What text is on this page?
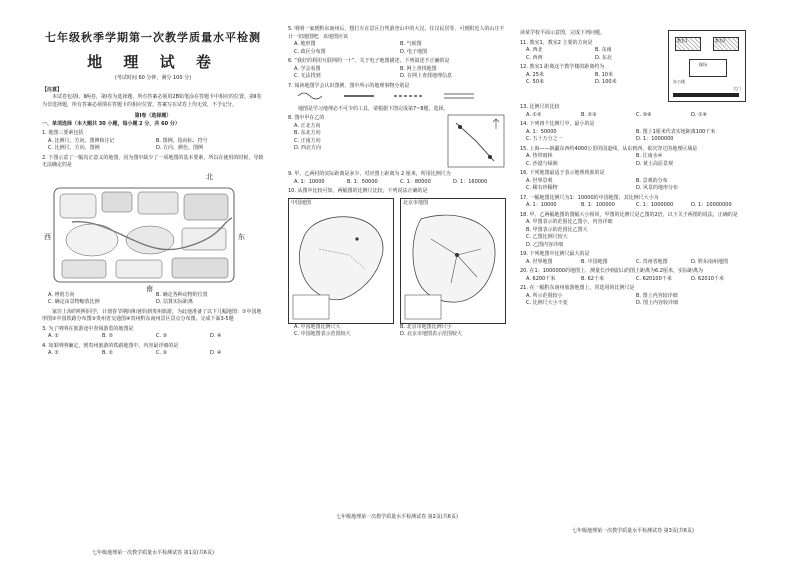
七年级秋季学期第一次教学质量水平检测
地 理 试 卷
(考试时间 60 分钟，满分 100 分)

【注意】

本试卷包括Ⅰ、Ⅱ两卷，第Ⅰ卷为选择题，所有答案必须用2B铅笔涂在答题卡中相应的位置。第Ⅱ卷为非选择题，所有答案必须填在答题卡的相应位置。答案写在试卷上均无效，不予记分。

第Ⅰ卷（选择题）

一、单项选择（本大题共 30 小题，每小题 2 分，共 60 分）

1. 地图三要素包括

A. 比例尺、方向、图例和注记	B. 图例、指向标、符号
C. 比例尺、方向、图例	D. 方向、颜色、图例

2. 下图示意了一幅真正意义的地图，因为图中缺少了一项地图的基本要素，所以在使用的时候，导致无法确定的是

北
西	东
南
A. 辨别方向	B. 确定各种动物的位置
C. 确定由景物缩放比例	D. 估算实际距离

家住上海的明明同学，计划春节期间和爸妈到贵州旅游，为此他准备了以下几幅地图：①中国地形图②中国铁路分布图③贵州省交通图④贵州黔东南州景区景点分布图。完成下面3-5题

3. 为了明明在旅游途中查阅游览的地图是

A. ①	B. ②	C. ③	D. ④

4. 如果明明确定，到贵州旅游的铁路地图中，内容最详细的是

A. ①	B. ②	C. ③	D. ④
七年级地理第一次教学质量水平检测试卷 第1页(共6页)

5. 明明一家到黔东南州后，想打车在景区自驾游登山中的大汉、住汉民居等、可到附近人的山庄不计一切地图吧，该地图应该

A. 地形图	B. 气候图
C. 政区分布图	D. 电子地图

6. “我好的利用互联网的一十”，关于电子地图描述，下列叙述不正确的是

A. 学会看图	B. 网上查找地图
C. 无法找到	D. 在网上查找地理信息

7. 阅读地图学会认识图例，图中所示的地理事物分别是

地图是学习地理必不可少的工具，请根据下图完成第7~8题，选择。

8. 图中甲在乙的

A. 正北方向
B. 东北方向
C. 正南方向
D. 西北方向

9. 甲、乙两村的实际距离是多少，对应图上距离为 2 厘米，所用比例尺为

A. 1：10000	B. 1：50000	C. 1：80000	D. 1：160000

10. 从图中比较可知，两幅图的比例尺比较，下列说法正确的是

中国地图	北京市地图
A. 中国地图比例尺大	B. 北京市地图比例尺小
C. 中国地图表示范围较大	D. 北京市地图表示范围较大
七年级地理第一次教学质量水平检测试卷 第2页(共6页)

读某学校平面示意图，完成下列问题。

11. 教室1，教室2 主要的方向是

A. 西北	B. 东南
C. 西西	D. 东北

12. 教室1 距离这个教学楼的距离约为

A. 25米	B. 10米
C. 50米	D. 100米
教室1	教室2
操场
办公楼
大门

13. 比例尺的比较

A. ①②	B. ②③	C. ③④	D. ①④

14. 下列四个比例尺中，最小的是

A. 1：50000	B. 图上1厘米代表实地距离100千米
C. 五十万分之一	D. 1：1000000

15. 上海——新疆东西约4000公里的国道线，从东到西，依次穿过的地理区域是

A. 热带雨林	B. 江南水乡
C. 沙漠与绿洲	D. 黄土高原景观

16. 下列地图最适于表示地理现象的是

A. 世界景观	B. 景观的分布
C. 稀有珍稀物	D. 风景的地形分布

17. 一幅地图比例尺为1：10000的中国地图，其比例尺大小为

A. 1：10000	B. 1：100000	C. 1：1000000	D. 1：10000000

18. 甲、乙两幅地图的图幅大小相同，甲图的比例尺是乙图的2倍，以下关于两图的说法，正确的是

A. 甲图表示的范围比乙图小，内容详细
B. 甲图表示的范围比乙图大
C. 乙图比例尺较大
D. 乙图内容详细

19. 下列地图中比例尺最大的是

A. 世界地图	B. 中国地图	C. 贵州省地图	D. 黔东南州地图

20. 在1：1000000的地图上，测量长沙到韶山的图上距离为6.2厘米，实际距离为

A. 6200千米	B. 62千米	C. 620100千米	D. 62010千米

21. 在一幅黔东南州旅游地图上，常选用的比例尺是

A. 所示范围较小	B. 图上内容较详细
C. 比例尺大小不变	D. 图上内容较详细
七年级地理第一次教学质量水平检测试卷 第3页(共6页)
